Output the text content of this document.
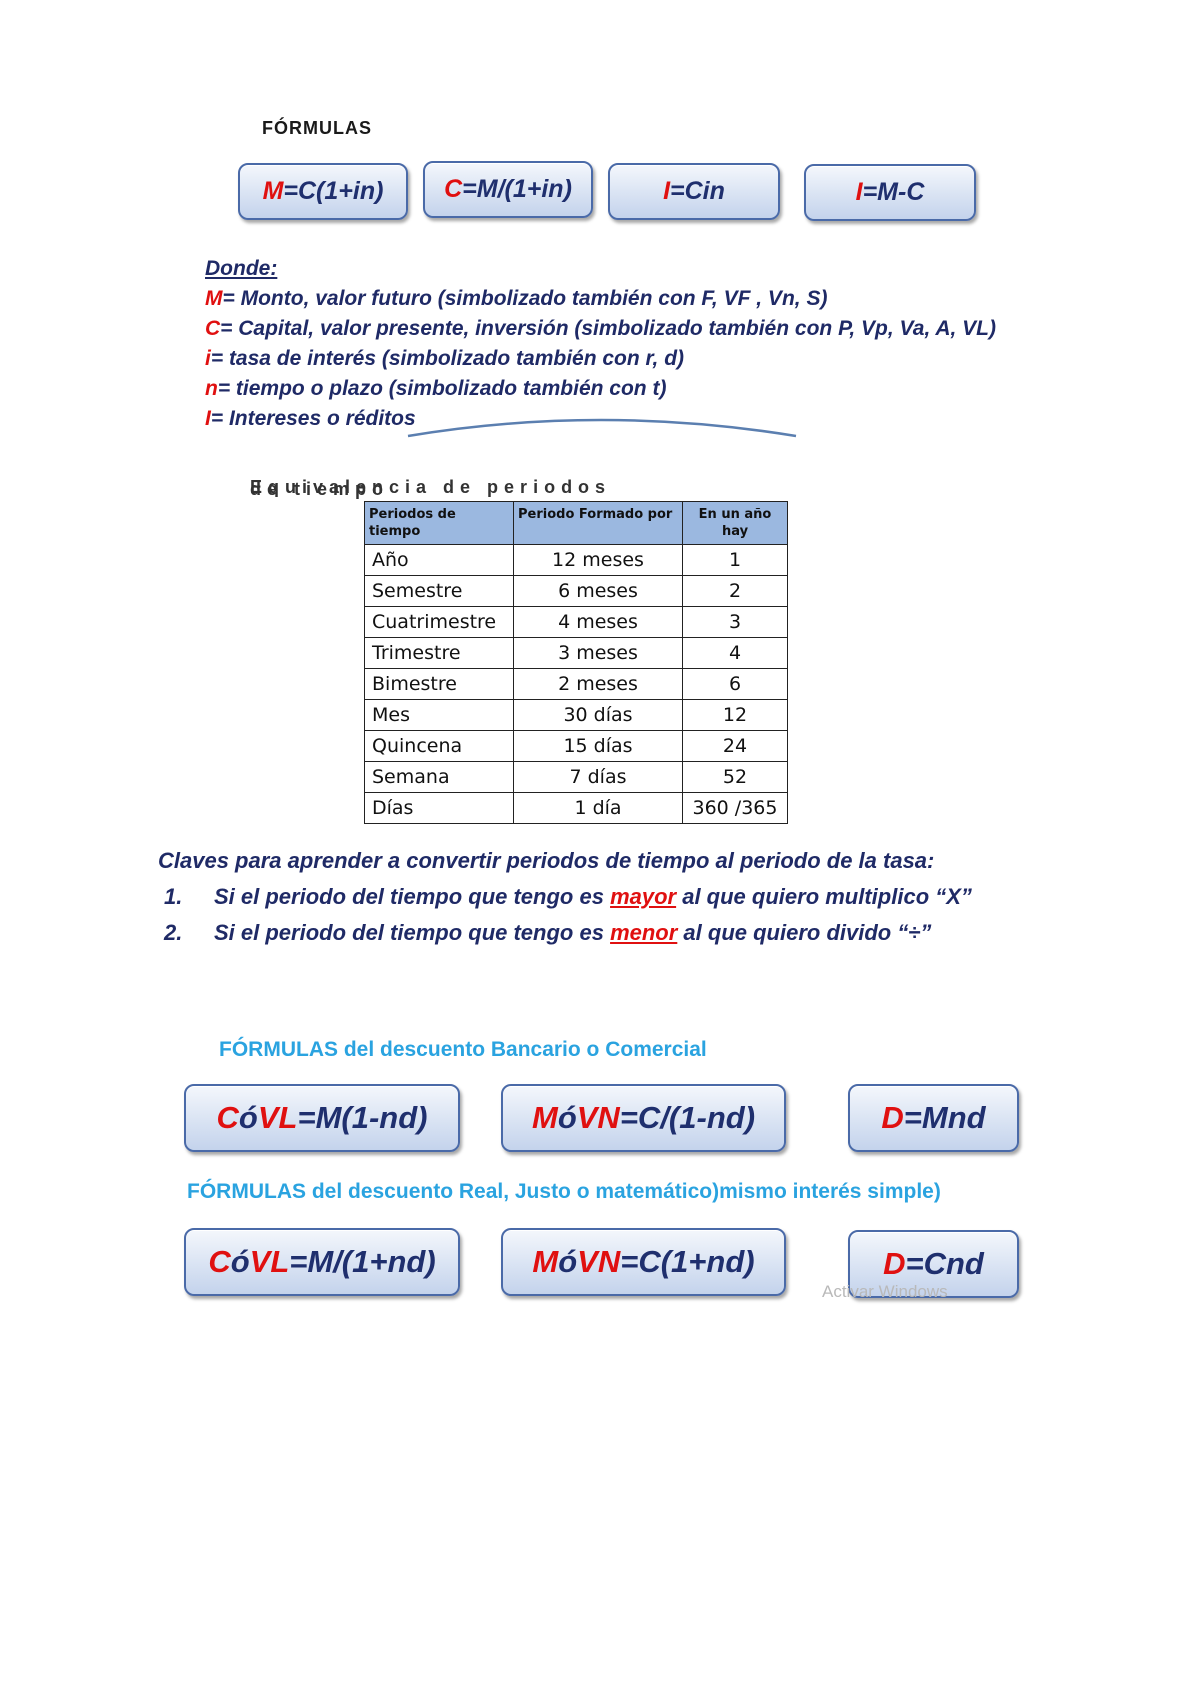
FÓRMULAS
M =C(1+in) C =M/(1+in)	I =Cin	I =M-C
Donde:
M= Monto, valor futuro (simbolizado también con F, VF , Vn, S)
C= Capital, valor presente, inversión (simbolizado también con P, Vp, Va, A, VL)
i= tasa de interés (simbolizado también con r, d)
n= tiempo o plazo (simbolizado también con t)
I= Intereses o réditos
Equivalencia de periodos de tiempo
Periodos de tiempo	Periodo Formado por	En un año hay
Año	12 meses	1
Semestre	6 meses	2
Cuatrimestre	4 meses	3
Trimestre	3 meses	4
Bimestre	2 meses	6
Mes	30 días	12
Quincena	15 días	24
Semana	7 días	52
Días	1 día	360 /365
Claves para aprender a convertir periodos de tiempo al periodo de la tasa:
1. Si el periodo del tiempo que tengo es mayor al que quiero multiplico “X”
2. Si el periodo del tiempo que tengo es menor al que quiero divido “÷”
FÓRMULAS del descuento Bancario o Comercial
C ó VL =M(1-nd)	M ó VN =C/(1-nd)	D =Mnd
FÓRMULAS del descuento Real, Justo o matemático)mismo interés simple)
C ó VL =M/(1+nd)	M ó VN =C(1+nd)	D =Cnd
Activar Windows
